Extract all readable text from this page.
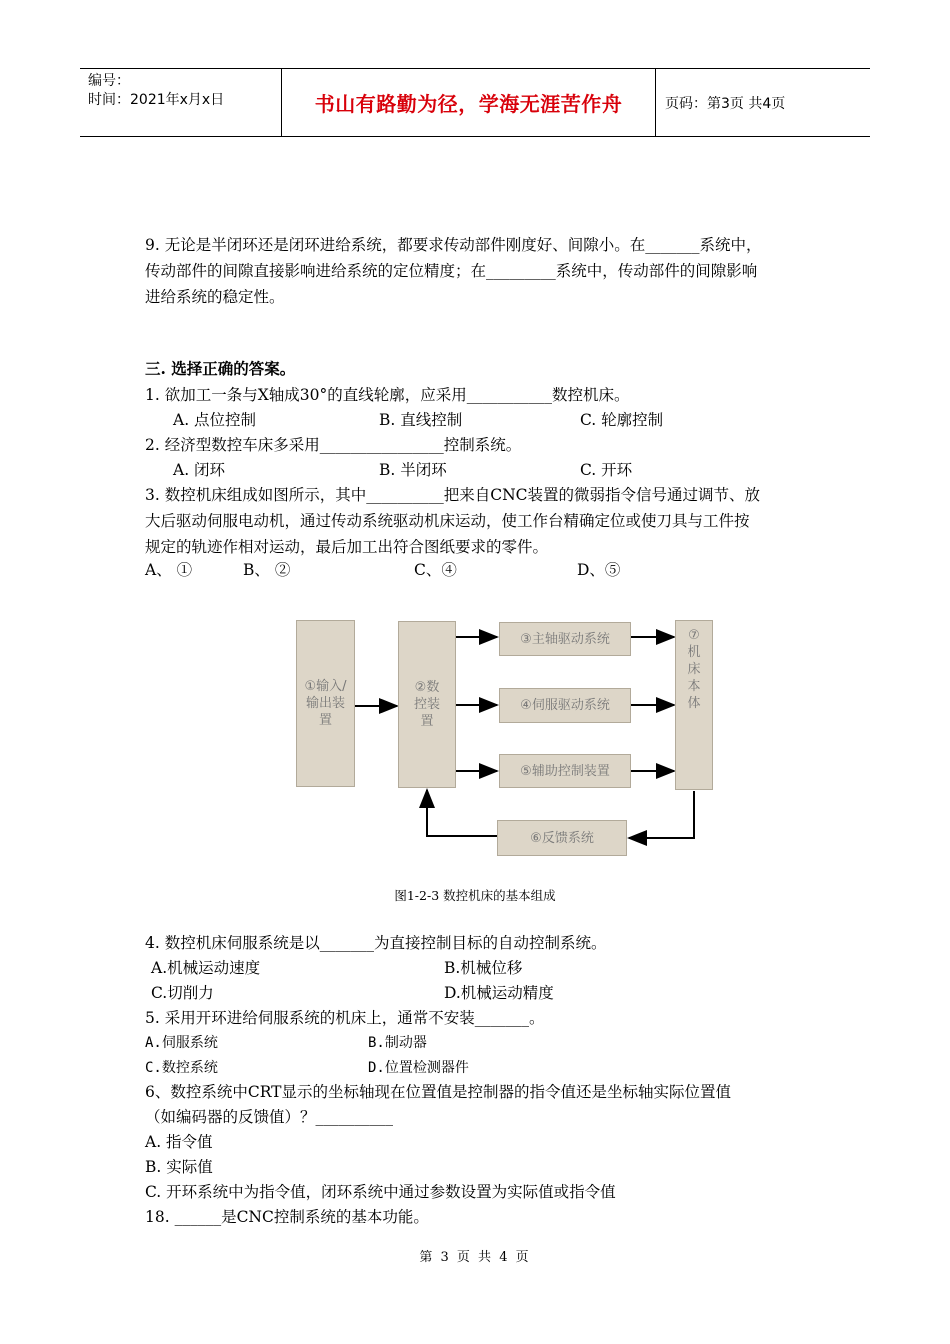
编号：
时间：2021年x月x日	书山有路勤为径，学海无涯苦作舟	页码：第3页 共4页
9. 无论是半闭环还是闭环进给系统，都要求传动部件刚度好、间隙小。在_______系统中，
传动部件的间隙直接影响进给系统的定位精度；在_________系统中，传动部件的间隙影响
进给系统的稳定性。
三. 选择正确的答案。
1. 欲加工一条与X轴成30°的直线轮廓，应采用___________数控机床。
A. 点位控制	B. 直线控制	C. 轮廓控制
2. 经济型数控车床多采用________________控制系统。
A. 闭环	B. 半闭环	C. 开环
3. 数控机床组成如图所示，其中__________把来自CNC装置的微弱指令信号通过调节、放
大后驱动伺服电动机，通过传动系统驱动机床运动，使工作台精确定位或使刀具与工件按
规定的轨迹作相对运动，最后加工出符合图纸要求的零件。
A、 ①	B、 ②	C、④	D、⑤
①输入/输出装置
②数控装置
③主轴驱动系统
④伺服驱动系统
⑤辅助控制装置
⑥反馈系统
⑦机床本体
图1-2-3 数控机床的基本组成
4. 数控机床伺服系统是以_______为直接控制目标的自动控制系统。
A.机械运动速度	B.机械位移
C.切削力	D.机械运动精度
5. 采用开环进给伺服系统的机床上，通常不安装_______。
A.伺服系统	B.制动器
C.数控系统	D.位置检测器件
6、数控系统中CRT显示的坐标轴现在位置值是控制器的指令值还是坐标轴实际位置值
（如编码器的反馈值）？__________
A. 指令值
B. 实际值
C. 开环系统中为指令值，闭环系统中通过参数设置为实际值或指令值
18. ______是CNC控制系统的基本功能。
第 3 页 共 4 页
